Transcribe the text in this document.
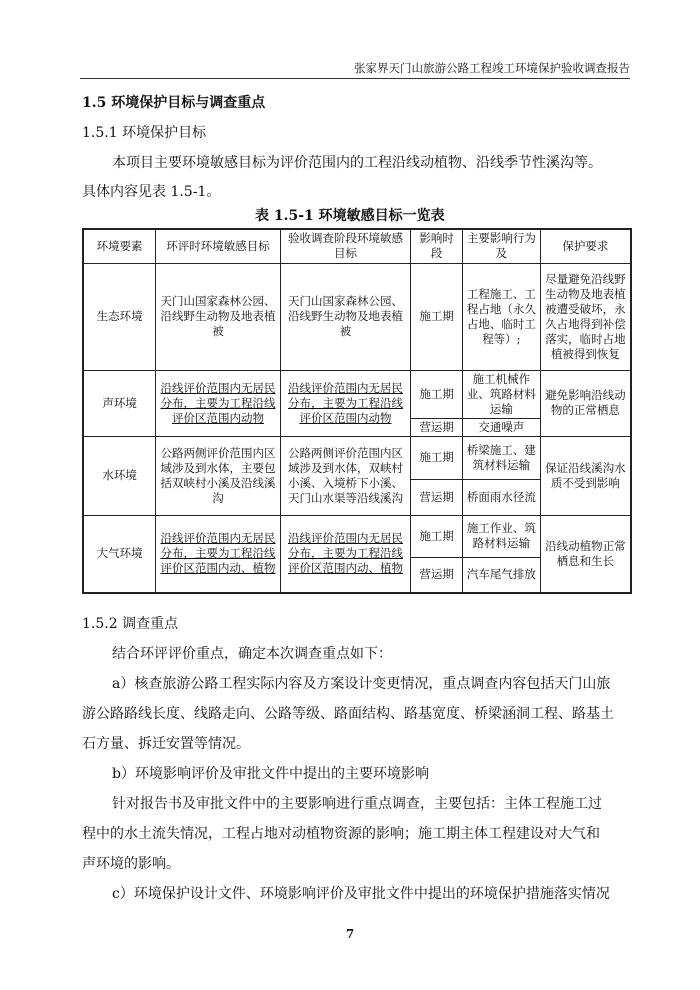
张家界天门山旅游公路工程竣工环境保护验收调查报告
1.5 环境保护目标与调查重点
1.5.1 环境保护目标
本项目主要环境敏感目标为评价范围内的工程沿线动植物、沿线季节性溪沟等。
具体内容见表 1.5-1。
表 1.5-1 环境敏感目标一览表
环境要素	环评时环境敏感目标	验收调查阶段环境敏感目标	影响时段	主要影响行为及	保护要求
生态环境	天门山国家森林公园、沿线野生动物及地表植被	天门山国家森林公园、沿线野生动物及地表植被	施工期	工程施工、工程占地（永久占地、临时工程等）;	尽量避免沿线野生动物及地表植被遭受破坏，永久占地得到补偿落实，临时占地植被得到恢复
声环境	沿线评价范围内无居民分布，主要为工程沿线评价区范围内动物	沿线评价范围内无居民分布，主要为工程沿线评价区范围内动物	施工期	施工机械作业、筑路材料运输	避免影响沿线动物的正常栖息
			营运期	交通噪声	
水环境	公路两侧评价范围内区域涉及到水体，主要包括双峡村小溪及沿线溪沟	公路两侧评价范围内区域涉及到水体，双峡村小溪、入境桥下小溪、天门山水渠等沿线溪沟	施工期	桥梁施工、建筑材料运输	保证沿线溪沟水质不受到影响
			营运期	桥面雨水径流	
大气环境	沿线评价范围内无居民分布，主要为工程沿线评价区范围内动、植物	沿线评价范围内无居民分布，主要为工程沿线评价区范围内动、植物	施工期	施工作业、筑路材料运输	沿线动植物正常栖息和生长
			营运期	汽车尾气排放	
1.5.2 调查重点
结合环评评价重点，确定本次调查重点如下：
a）核查旅游公路工程实际内容及方案设计变更情况，重点调查内容包括天门山旅
游公路路线长度、线路走向、公路等级、路面结构、路基宽度、桥梁涵洞工程、路基土
石方量、拆迁安置等情况。
b）环境影响评价及审批文件中提出的主要环境影响
针对报告书及审批文件中的主要影响进行重点调查，主要包括：主体工程施工过
程中的水土流失情况，工程占地对动植物资源的影响；施工期主体工程建设对大气和
声环境的影响。
c）环境保护设计文件、环境影响评价及审批文件中提出的环境保护措施落实情况
7
